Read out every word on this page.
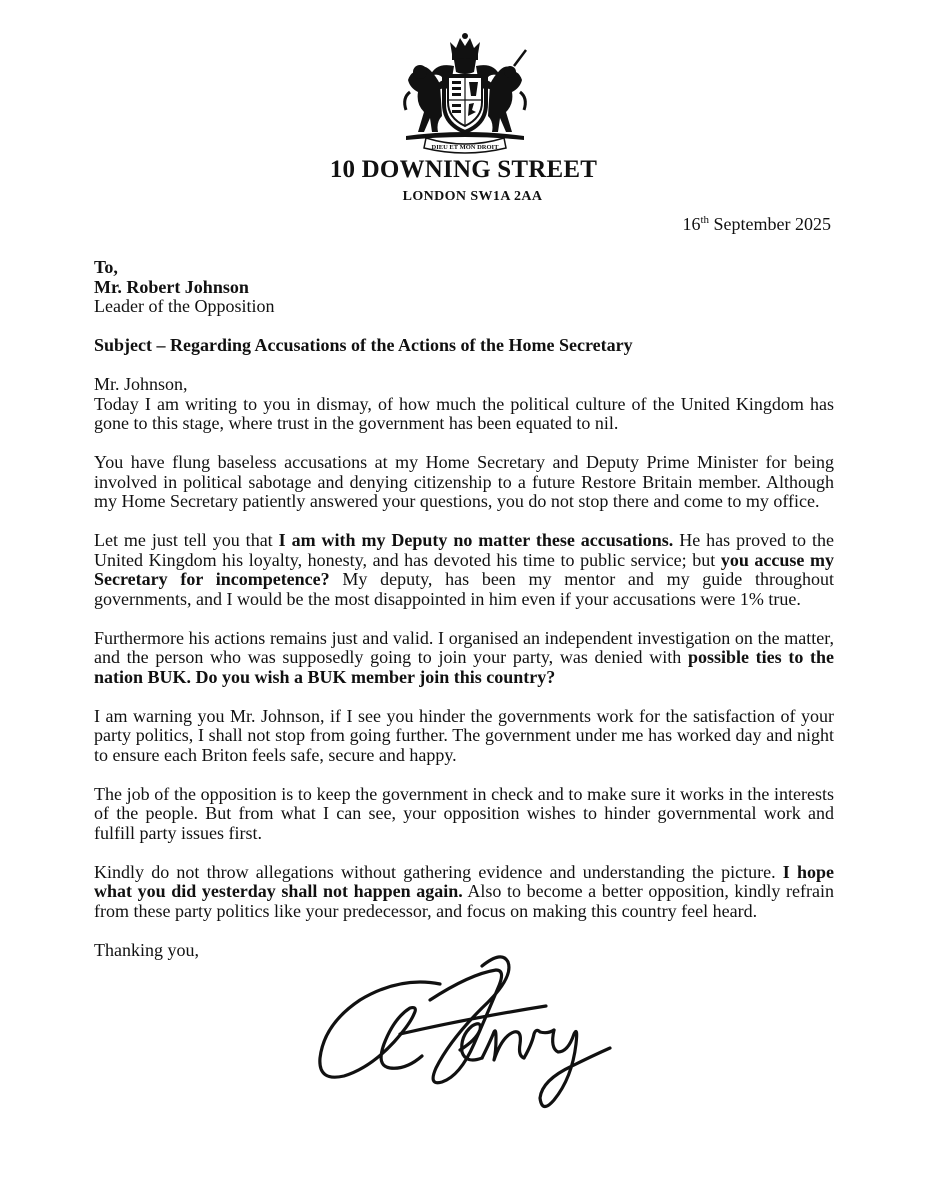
DIEU ET MON DROIT
10 DOWNING STREET
LONDON SW1A 2AA
16th September 2025

To,

Mr. Robert Johnson

Leader of the Opposition

Subject – Regarding Accusations of the Actions of the Home Secretary

Mr. Johnson,

Today I am writing to you in dismay, of how much the political culture of the United Kingdom has gone to this stage, where trust in the government has been equated to nil.

You have flung baseless accusations at my Home Secretary and Deputy Prime Minister for being involved in political sabotage and denying citizenship to a future Restore Britain member. Although my Home Secretary patiently answered your questions, you do not stop there and come to my office.

Let me just tell you that I am with my Deputy no matter these accusations. He has proved to the United Kingdom his loyalty, honesty, and has devoted his time to public service; but you accuse my Secretary for incompetence? My deputy, has been my mentor and my guide throughout governments, and I would be the most disappointed in him even if your accusations were 1% true.

Furthermore his actions remains just and valid. I organised an independent investigation on the matter, and the person who was supposedly going to join your party, was denied with possible ties to the nation BUK. Do you wish a BUK member join this country?

I am warning you Mr. Johnson, if I see you hinder the governments work for the satisfaction of your party politics, I shall not stop from going further. The government under me has worked day and night to ensure each Briton feels safe, secure and happy.

The job of the opposition is to keep the government in check and to make sure it works in the interests of the people. But from what I can see, your opposition wishes to hinder governmental work and fulfill party issues first.

Kindly do not throw allegations without gathering evidence and understanding the picture. I hope what you did yesterday shall not happen again. Also to become a better opposition, kindly refrain from these party politics like your predecessor, and focus on making this country feel heard.

Thanking you,
